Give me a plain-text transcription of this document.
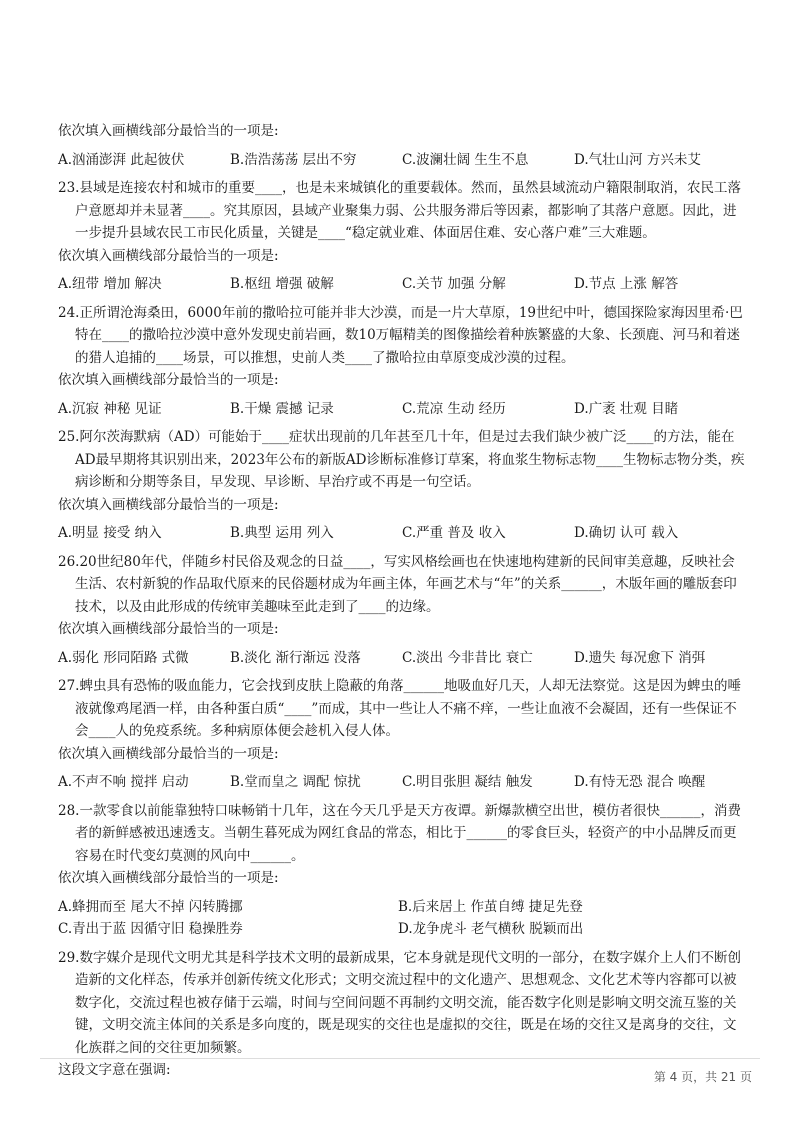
依次填入画横线部分最恰当的一项是:

A.汹涌澎湃 此起彼伏	B.浩浩荡荡 层出不穷	C.波澜壮阔 生生不息	D.气壮山河 方兴未艾

23.县域是连接农村和城市的重要____，也是未来城镇化的重要载体。然而，虽然县域流动户籍限制取消，农民工落户意愿却并未显著____。究其原因，县域产业聚集力弱、公共服务滞后等因素，都影响了其落户意愿。因此，进一步提升县域农民工市民化质量，关键是____“稳定就业难、体面居住难、安心落户难”三大难题。

依次填入画横线部分最恰当的一项是:

A.纽带 增加 解决	B.枢纽 增强 破解	C.关节 加强 分解	D.节点 上涨 解答

24.正所谓沧海桑田，6000年前的撒哈拉可能并非大沙漠，而是一片大草原，19世纪中叶，德国探险家海因里希·巴特在____的撒哈拉沙漠中意外发现史前岩画，数10万幅精美的图像描绘着种族繁盛的大象、长颈鹿、河马和着迷的猎人追捕的____场景，可以推想，史前人类____了撒哈拉由草原变成沙漠的过程。

依次填入画横线部分最恰当的一项是:

A.沉寂 神秘 见证	B.干燥 震撼 记录	C.荒凉 生动 经历	D.广袤 壮观 目睹

25.阿尔茨海默病（AD）可能始于____症状出现前的几年甚至几十年，但是过去我们缺少被广泛____的方法，能在AD最早期将其识别出来，2023年公布的新版AD诊断标准修订草案，将血浆生物标志物____生物标志物分类，疾病诊断和分期等条目，早发现、早诊断、早治疗或不再是一句空话。

依次填入画横线部分最恰当的一项是:

A.明显 接受 纳入	B.典型 运用 列入	C.严重 普及 收入	D.确切 认可 载入

26.20世纪80年代，伴随乡村民俗及观念的日益____，写实风格绘画也在快速地构建新的民间审美意趣，反映社会生活、农村新貌的作品取代原来的民俗题材成为年画主体，年画艺术与“年”的关系______，木版年画的雕版套印技术，以及由此形成的传统审美趣味至此走到了____的边缘。

依次填入画横线部分最恰当的一项是:

A.弱化 形同陌路 式微	B.淡化 渐行渐远 没落	C.淡出 今非昔比 衰亡	D.遗失 每况愈下 消弭

27.蜱虫具有恐怖的吸血能力，它会找到皮肤上隐蔽的角落______地吸血好几天，人却无法察觉。这是因为蜱虫的唾液就像鸡尾酒一样，由各种蛋白质“____”而成，其中一些让人不痛不痒，一些让血液不会凝固，还有一些保证不会____人的免疫系统。多种病原体便会趁机入侵人体。

依次填入画横线部分最恰当的一项是:

A.不声不响 搅拌 启动	B.堂而皇之 调配 惊扰	C.明目张胆 凝结 触发	D.有恃无恐 混合 唤醒

28.一款零食以前能靠独特口味畅销十几年，这在今天几乎是天方夜谭。新爆款横空出世，模仿者很快______，消费者的新鲜感被迅速透支。当朝生暮死成为网红食品的常态，相比于______的零食巨头，轻资产的中小品牌反而更容易在时代变幻莫测的风向中______。

依次填入画横线部分最恰当的一项是:

A.蜂拥而至 尾大不掉 闪转腾挪	B.后来居上 作茧自缚 捷足先登
C.青出于蓝 因循守旧 稳操胜券	D.龙争虎斗 老气横秋 脱颖而出

29.数字媒介是现代文明尤其是科学技术文明的最新成果，它本身就是现代文明的一部分，在数字媒介上人们不断创造新的文化样态，传承并创新传统文化形式；文明交流过程中的文化遗产、思想观念、文化艺术等内容都可以被数字化，交流过程也被存储于云端，时间与空间问题不再制约文明交流，能否数字化则是影响文明交流互鉴的关键，文明交流主体间的关系是多向度的，既是现实的交往也是虚拟的交往，既是在场的交往又是离身的交往，文化族群之间的交往更加频繁。

这段文字意在强调:	第 4 页，共 21 页
